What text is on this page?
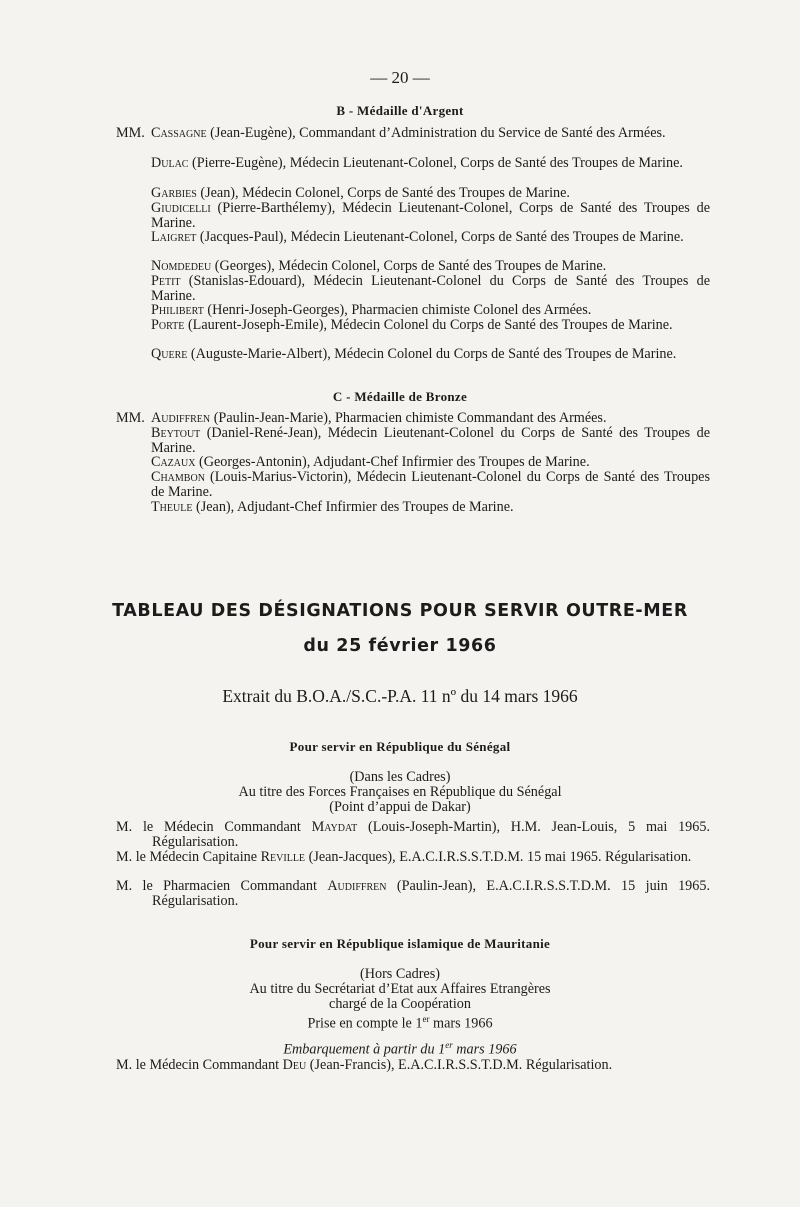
— 20 —
B - Médaille d'Argent
MM. Cassagne (Jean-Eugène), Commandant d’Administration du Service de Santé des Armées.
Dulac (Pierre-Eugène), Médecin Lieutenant-Colonel, Corps de Santé des Troupes de Marine.
Garbies (Jean), Médecin Colonel, Corps de Santé des Troupes de Marine.
Giudicelli (Pierre-Barthélemy), Médecin Lieutenant-Colonel, Corps de Santé des Troupes de Marine.
Laigret (Jacques-Paul), Médecin Lieutenant-Colonel, Corps de Santé des Troupes de Marine.
Nomdedeu (Georges), Médecin Colonel, Corps de Santé des Troupes de Marine.
Petit (Stanislas-Edouard), Médecin Lieutenant-Colonel du Corps de Santé des Troupes de Marine.
Philibert (Henri-Joseph-Georges), Pharmacien chimiste Colonel des Armées.
Porte (Laurent-Joseph-Emile), Médecin Colonel du Corps de Santé des Troupes de Marine.
Quere (Auguste-Marie-Albert), Médecin Colonel du Corps de Santé des Troupes de Marine.
C - Médaille de Bronze
MM. Audiffren (Paulin-Jean-Marie), Pharmacien chimiste Commandant des Armées.
Beytout (Daniel-René-Jean), Médecin Lieutenant-Colonel du Corps de Santé des Troupes de Marine.
Cazaux (Georges-Antonin), Adjudant-Chef Infirmier des Troupes de Marine.
Chambon (Louis-Marius-Victorin), Médecin Lieutenant-Colonel du Corps de Santé des Troupes de Marine.
Theule (Jean), Adjudant-Chef Infirmier des Troupes de Marine.
TABLEAU DES DÉSIGNATIONS POUR SERVIR OUTRE-MER
du 25 février 1966
Extrait du B.O.A./S.C.-P.A. 11 nº du 14 mars 1966
Pour servir en République du Sénégal
(Dans les Cadres)
Au titre des Forces Françaises en République du Sénégal
(Point d’appui de Dakar)
M. le Médecin Commandant Maydat (Louis-Joseph-Martin), H.M. Jean-Louis, 5 mai 1965. Régularisation.
M. le Médecin Capitaine Reville (Jean-Jacques), E.A.C.I.R.S.S.T.D.M. 15 mai 1965. Régularisation.
M. le Pharmacien Commandant Audiffren (Paulin-Jean), E.A.C.I.R.S.S.T.D.M. 15 juin 1965. Régularisation.
Pour servir en République islamique de Mauritanie
(Hors Cadres)
Au titre du Secrétariat d’Etat aux Affaires Etrangères
chargé de la Coopération
Prise en compte le 1er mars 1966
Embarquement à partir du 1er mars 1966
M. le Médecin Commandant Deu (Jean-Francis), E.A.C.I.R.S.S.T.D.M. Régularisation.
